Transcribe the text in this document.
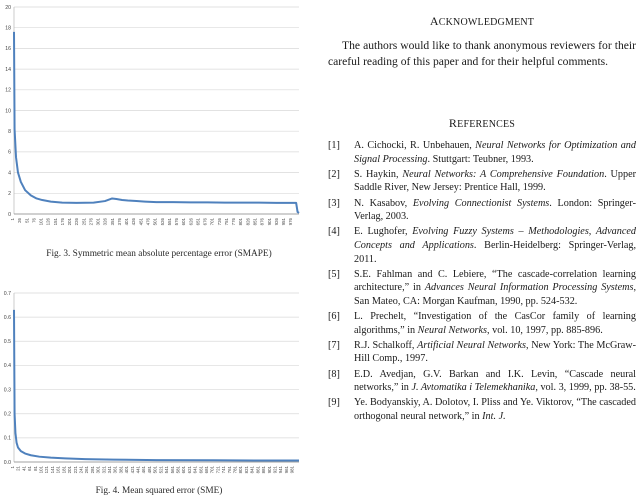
0
2
4
6
8
10
12
14
16
18
20
1 26 51 76 101 126 151 176 201 226 251 276 301 326 351 376 401 426 451 476 501 526 551 576 601 626 651 676 701 726 751 776 801 826 851 876 901 926 951 976
Fig. 3. Symmetric mean absolute percentage error (SMAPE)
0.0
0.1
0.2
0.3
0.4
0.5
0.6
0.7
1 21 41 61 81 101 121 141 161 181 201 221 241 261 281 301 321 341 361 381 401 421 441 461 481 501 521 541 561 581 601 621 641 661 681 701 721 741 761 781 801 821 841 861 881 901 921 941 961 981
Fig. 4. Mean squared error (SME)
ACKNOWLEDGMENT
The authors would like to thank anonymous reviewers for their careful reading of this paper and for their helpful comments.
REFERENCES
[1] A. Cichocki, R. Unbehauen, Neural Networks for Optimization and Signal Processing. Stuttgart: Teubner, 1993.
[2] S. Haykin, Neural Networks: A Comprehensive Foundation. Upper Saddle River, New Jersey: Prentice Hall, 1999.
[3] N. Kasabov, Evolving Connectionist Systems. London: Springer-Verlag, 2003.
[4] E. Lughofer, Evolving Fuzzy Systems – Methodologies, Advanced Concepts and Applications. Berlin-Heidelberg: Springer-Verlag, 2011.
[5] S.E. Fahlman and C. Lebiere, “The cascade-correlation learning architecture,” in Advances Neural Information Processing Systems, San Mateo, CA: Morgan Kaufman, 1990, pp. 524-532.
[6] L. Prechelt, “Investigation of the CasCor family of learning algorithms,” in Neural Networks, vol. 10, 1997, pp. 885-896.
[7] R.J. Schalkoff, Artificial Neural Networks, New York: The McGraw-Hill Comp., 1997.
[8] E.D. Avedjan, G.V. Barkan and I.K. Levin, “Cascade neural networks,” in J. Avtomatika i Telemekhanika, vol. 3, 1999, pp. 38-55.
[9] Ye. Bodyanskiy, A. Dolotov, I. Pliss and Ye. Viktorov, “The cascaded orthogonal neural network,” in Int. J.
